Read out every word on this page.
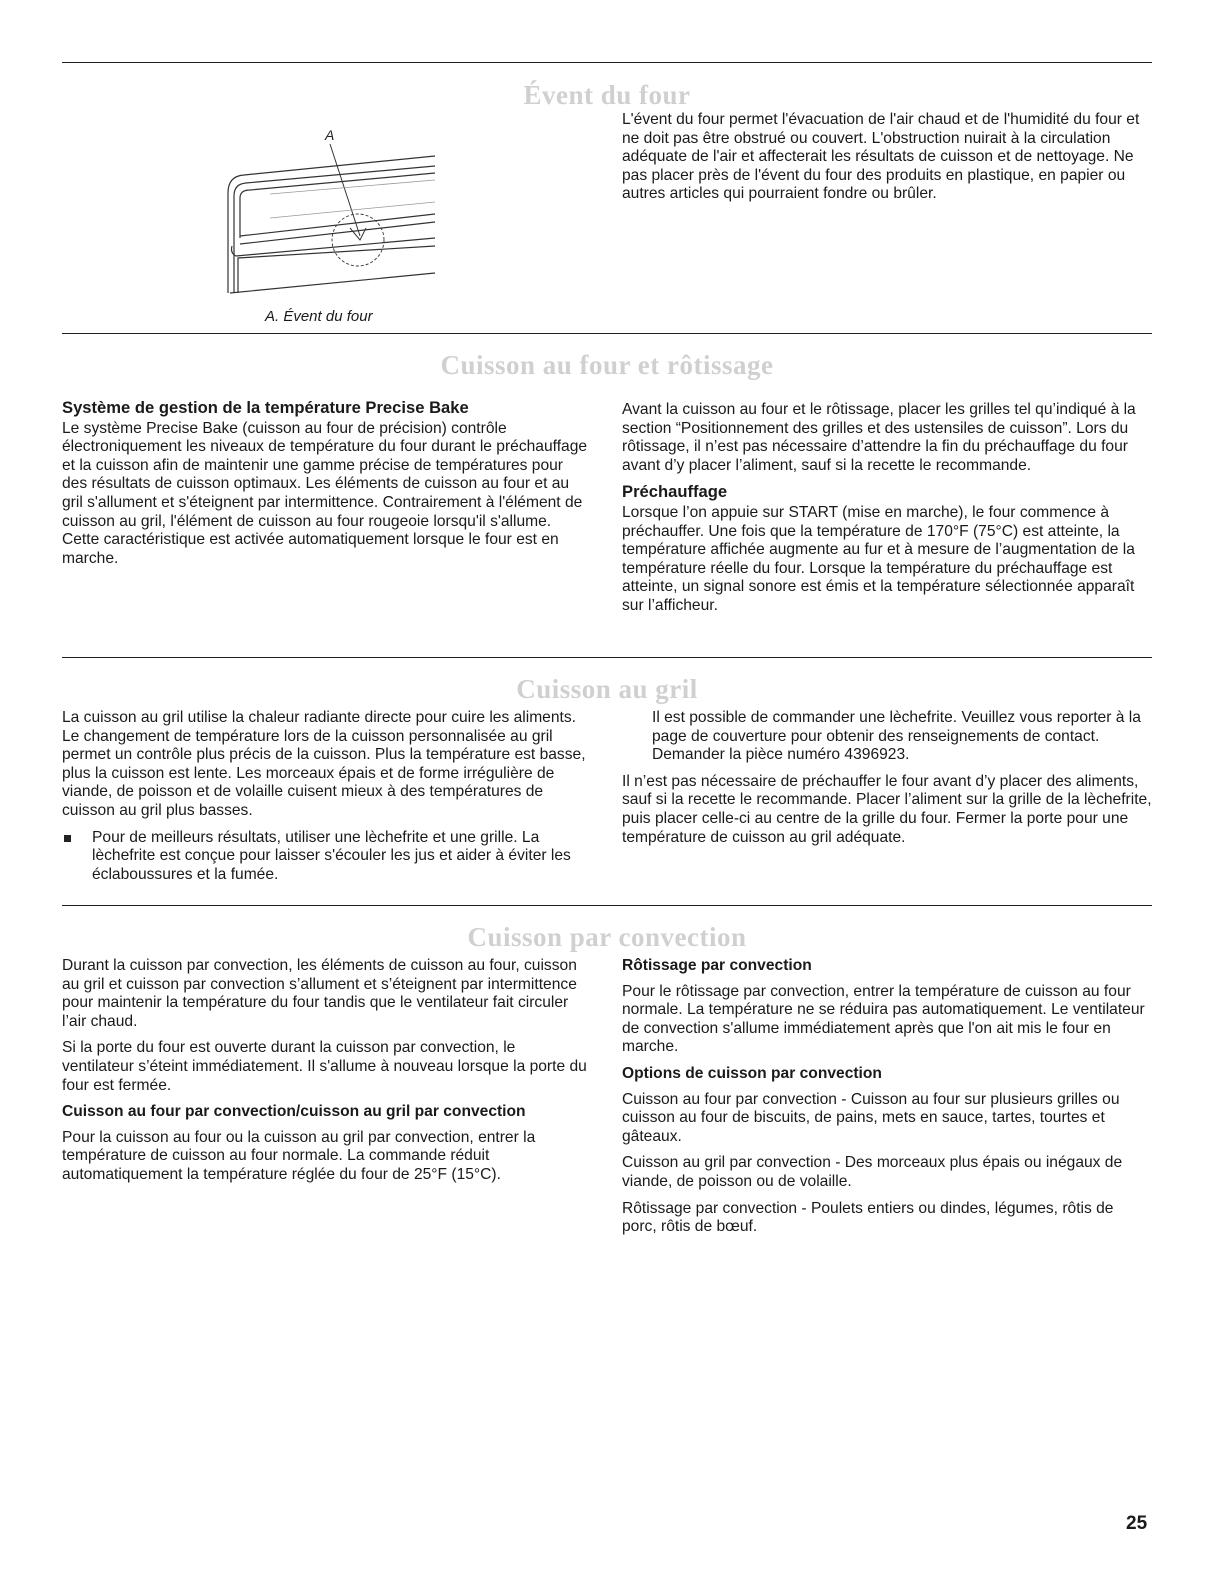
Évent du four
A
A. Évent du four

L'évent du four permet l'évacuation de l'air chaud et de l'humidité du four et ne doit pas être obstrué ou couvert. L'obstruction nuirait à la circulation adéquate de l'air et affecterait les résultats de cuisson et de nettoyage. Ne pas placer près de l'évent du four des produits en plastique, en papier ou autres articles qui pourraient fondre ou brûler.

Cuisson au four et rôtissage
Système de gestion de la température Precise Bake

Le système Precise Bake (cuisson au four de précision) contrôle électroniquement les niveaux de température du four durant le préchauffage et la cuisson afin de maintenir une gamme précise de températures pour des résultats de cuisson optimaux. Les éléments de cuisson au four et au gril s'allument et s'éteignent par intermittence. Contrairement à l'élément de cuisson au gril, l'élément de cuisson au four rougeoie lorsqu'il s'allume. Cette caractéristique est activée automatiquement lorsque le four est en marche.

Avant la cuisson au four et le rôtissage, placer les grilles tel qu’indiqué à la section “Positionnement des grilles et des ustensiles de cuisson”. Lors du rôtissage, il n’est pas nécessaire d’attendre la fin du préchauffage du four avant d’y placer l’aliment, sauf si la recette le recommande.

Préchauffage

Lorsque l’on appuie sur START (mise en marche), le four commence à préchauffer. Une fois que la température de 170°F (75°C) est atteinte, la température affichée augmente au fur et à mesure de l’augmentation de la température réelle du four. Lorsque la température du préchauffage est atteinte, un signal sonore est émis et la température sélectionnée apparaît sur l’afficheur.

Cuisson au gril

La cuisson au gril utilise la chaleur radiante directe pour cuire les aliments. Le changement de température lors de la cuisson personnalisée au gril permet un contrôle plus précis de la cuisson. Plus la température est basse, plus la cuisson est lente. Les morceaux épais et de forme irrégulière de viande, de poisson et de volaille cuisent mieux à des températures de cuisson au gril plus basses.

Pour de meilleurs résultats, utiliser une lèchefrite et une grille. La lèchefrite est conçue pour laisser s'écouler les jus et aider à éviter les éclaboussures et la fumée.

Il est possible de commander une lèchefrite. Veuillez vous reporter à la page de couverture pour obtenir des renseignements de contact. Demander la pièce numéro 4396923.

Il n’est pas nécessaire de préchauffer le four avant d’y placer des aliments, sauf si la recette le recommande. Placer l’aliment sur la grille de la lèchefrite, puis placer celle-ci au centre de la grille du four. Fermer la porte pour une température de cuisson au gril adéquate.

Cuisson par convection

Durant la cuisson par convection, les éléments de cuisson au four, cuisson au gril et cuisson par convection s’allument et s’éteignent par intermittence pour maintenir la température du four tandis que le ventilateur fait circuler l’air chaud.

Si la porte du four est ouverte durant la cuisson par convection, le ventilateur s’éteint immédiatement. Il s'allume à nouveau lorsque la porte du four est fermée.

Cuisson au four par convection/cuisson au gril par convection

Pour la cuisson au four ou la cuisson au gril par convection, entrer la température de cuisson au four normale. La commande réduit automatiquement la température réglée du four de 25°F (15°C).

Rôtissage par convection

Pour le rôtissage par convection, entrer la température de cuisson au four normale. La température ne se réduira pas automatiquement. Le ventilateur de convection s'allume immédiatement après que l'on ait mis le four en marche.

Options de cuisson par convection

Cuisson au four par convection - Cuisson au four sur plusieurs grilles ou cuisson au four de biscuits, de pains, mets en sauce, tartes, tourtes et gâteaux.

Cuisson au gril par convection - Des morceaux plus épais ou inégaux de viande, de poisson ou de volaille.

Rôtissage par convection - Poulets entiers ou dindes, légumes, rôtis de porc, rôtis de bœuf.

25
